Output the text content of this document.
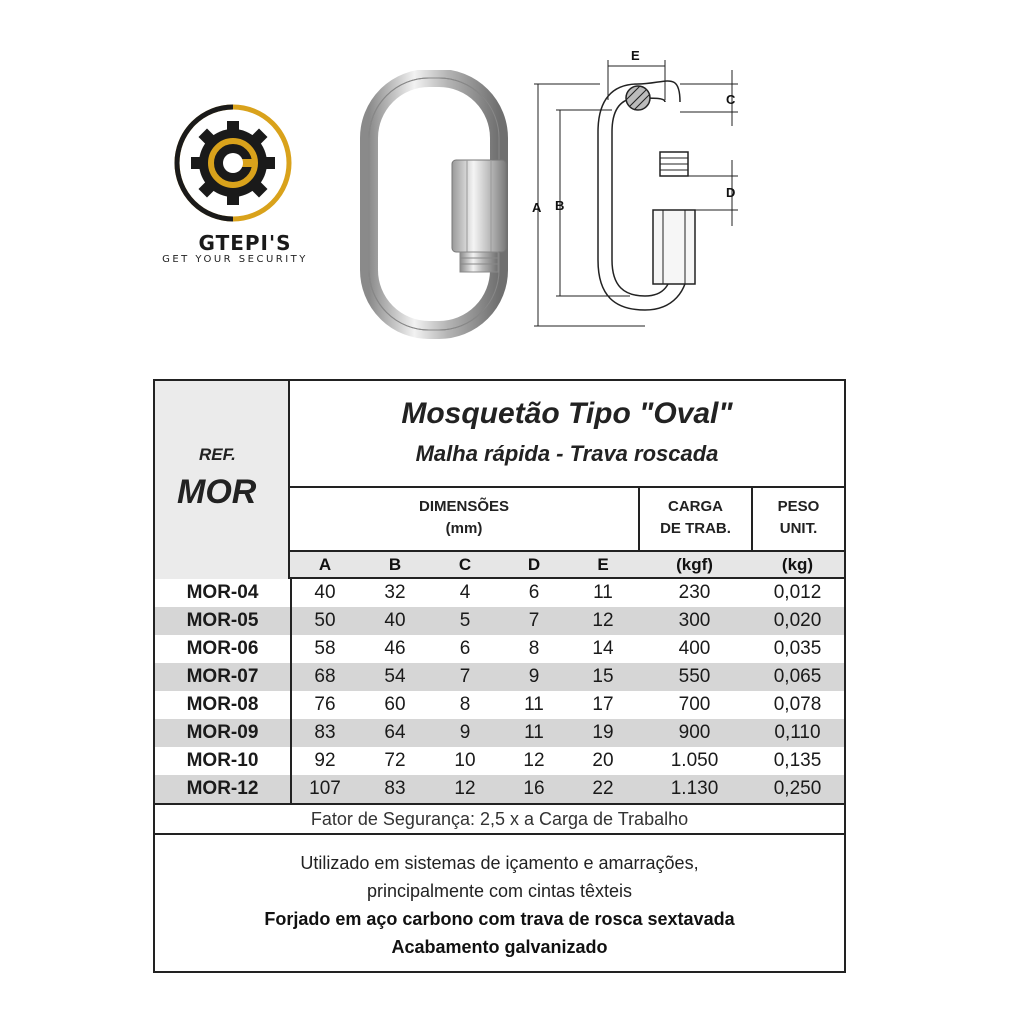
GTEPI'S
GET YOUR SECURITY
A B
E
C
D
REF.
MOR
Mosquetão Tipo "Oval"
Malha rápida - Trava roscada
DIMENSÕES
(mm)
CARGA
DE TRAB.
PESO
UNIT.
A	B	C	D	E	(kgf)	(kg)
MOR-04	40	32	4	6	11	230	0,012
MOR-05	50	40	5	7	12	300	0,020
MOR-06	58	46	6	8	14	400	0,035
MOR-07	68	54	7	9	15	550	0,065
MOR-08	76	60	8	11	17	700	0,078
MOR-09	83	64	9	11	19	900	0,110
MOR-10	92	72	10	12	20	1.050	0,135
MOR-12	107	83	12	16	22	1.130	0,250
Fator de Segurança: 2,5 x a Carga de Trabalho
Utilizado em sistemas de içamento e amarrações,
principalmente com cintas têxteis
Forjado em aço carbono com trava de rosca sextavada
Acabamento galvanizado
